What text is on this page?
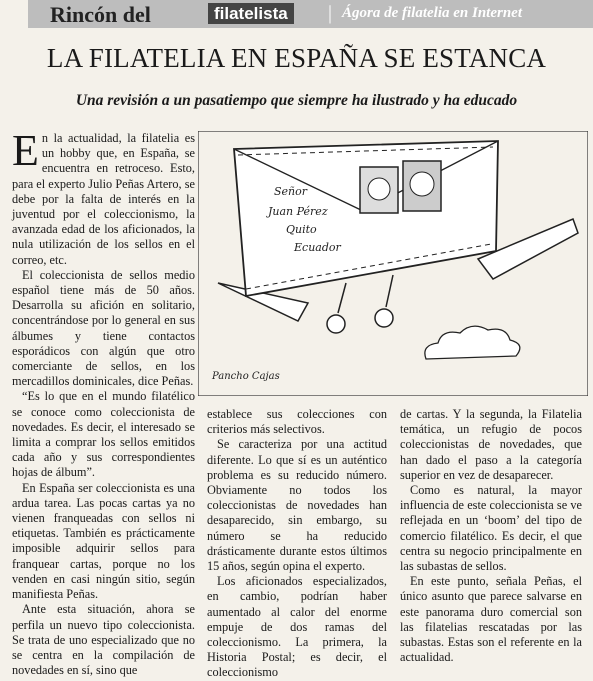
Rincón del	filatelista	| Ágora de filatelia en Internet
LA FILATELIA EN ESPAÑA SE ESTANCA
Una revisión a un pasatiempo que siempre ha ilustrado y ha educado

En la actualidad, la filatelia es un hobby que, en España, se encuentra en retroceso. Esto, para el experto Julio Peñas Artero, se debe por la falta de interés en la juventud por el coleccionismo, la avanzada edad de los aficionados, la nula utilización de los sellos en el correo, etc.

El coleccionista de sellos medio español tiene más de 50 años. Desarrolla su afición en solitario, concentrándose por lo general en sus álbumes y tiene contactos esporádicos con algún que otro comerciante de sellos, en los mercadillos dominicales, dice Peñas.

“Es lo que en el mundo filatélico se conoce como coleccionista de novedades. Es decir, el interesado se limita a comprar los sellos emitidos cada año y sus correspondientes hojas de álbum”.

En España ser coleccionista es una ardua tarea. Las pocas cartas ya no vienen franqueadas con sellos ni etiquetas. También es prácticamente imposible adquirir sellos para franquear cartas, porque no los venden en casi ningún sitio, según manifiesta Peñas.

Ante esta situación, ahora se perfila un nuevo tipo coleccionista. Se trata de uno especializado que no se centra en la compilación de novedades en sí, sino que

Señor
Juan Pérez
Quito
Ecuador
Pancho Cajas

establece sus colecciones con criterios más selectivos.

Se caracteriza por una actitud diferente. Lo que sí es un auténtico problema es su reducido número. Obviamente no todos los coleccionistas de novedades han desaparecido, sin embargo, su número se ha reducido drásticamente durante estos últimos 15 años, según opina el experto.

Los aficionados especializados, en cambio, podrían haber aumentado al calor del enorme empuje de dos ramas del coleccionismo. La primera, la Historia Postal; es decir, el coleccionismo

de cartas. Y la segunda, la Filatelia temática, un refugio de pocos coleccionistas de novedades, que han dado el paso a la categoría superior en vez de desaparecer.

Como es natural, la mayor influencia de este coleccionista se ve reflejada en un ‘boom’ del tipo de comercio filatélico. Es decir, el que centra su negocio principalmente en las subastas de sellos.

En este punto, señala Peñas, el único asunto que parece salvarse en este panorama duro comercial son las filatelias rescatadas por las subastas. Estas son el referente en la actualidad.
